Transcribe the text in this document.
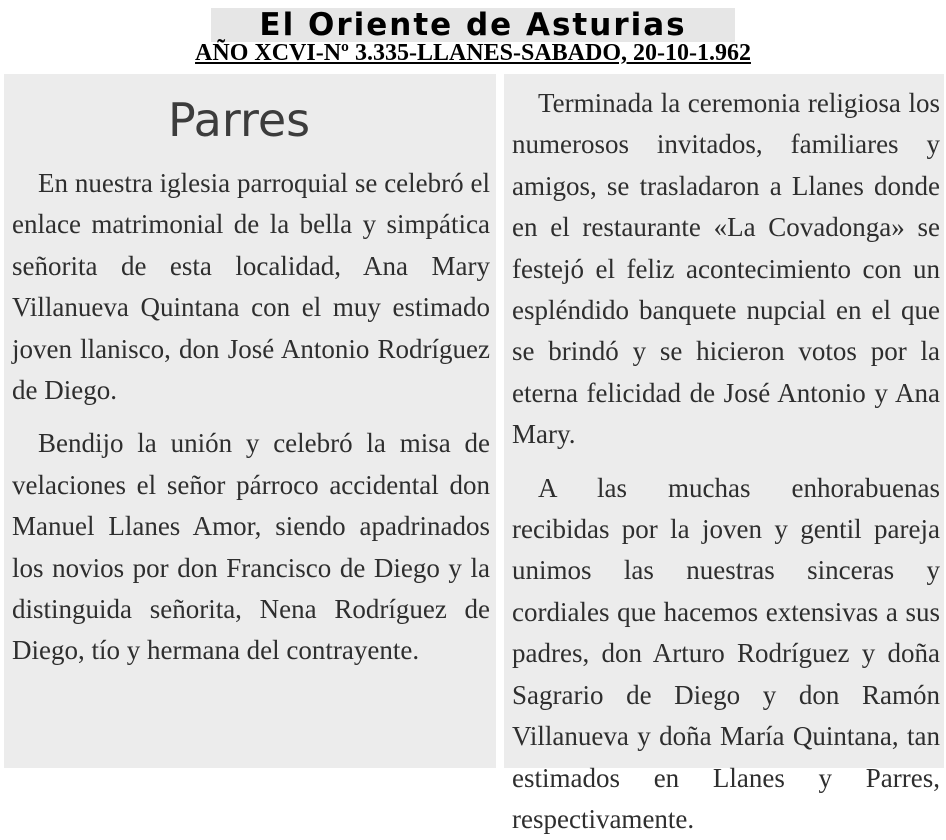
El Oriente de Asturias
AÑO XCVI-Nº 3.335-LLANES-SABADO, 20-10-1.962
Parres

En nuestra iglesia parroquial se celebró el enlace matrimonial de la bella y simpática señorita de esta localidad, Ana Mary Villanueva Quintana con el muy estimado joven llanisco, don José Antonio Rodríguez de Diego.

Bendijo la unión y celebró la misa de velaciones el señor párroco accidental don Manuel Llanes Amor, siendo apadrinados los novios por don Francisco de Diego y la distinguida señorita, Nena Rodríguez de Diego, tío y hermana del contrayente.

Terminada la ceremonia religiosa los numerosos invitados, familiares y amigos, se trasladaron a Llanes donde en el restaurante «La Covadonga» se festejó el feliz acontecimiento con un espléndido banquete nupcial en el que se brindó y se hicieron votos por la eterna felicidad de José Antonio y Ana Mary.

A las muchas enhorabuenas recibidas por la joven y gentil pareja unimos las nuestras sinceras y cordiales que hacemos extensivas a sus padres, don Arturo Rodríguez y doña Sagrario de Diego y don Ramón Villanueva y doña María Quintana, tan estimados en Llanes y Parres, respectivamente.
